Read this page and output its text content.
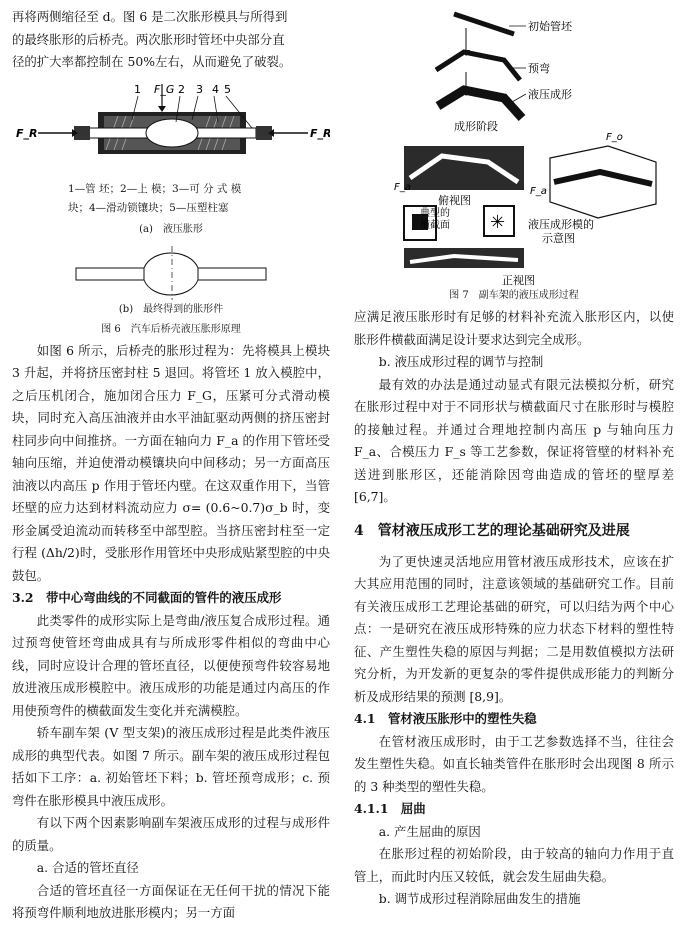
再将两侧缩径至 d。图 6 是二次胀形模具与所得到

的最终胀形的后桥壳。两次胀形时管坯中央部分直

径的扩大率都控制在 50%左右，从而避免了破裂。

1 F_G 2 3 4 5
F_R	F_R

1—管 坯；2—上 模；3—可 分 式 模

块；4—滑动锁镶块；5—压塑柱塞

(a)　液压胀形

(b)　最终得到的胀形件

图 6　汽车后桥壳液压胀形原理

如图 6 所示，后桥壳的胀形过程为：先将模具上模块 3 升起，并将挤压密封柱 5 退回。将管坯 1 放入模腔中，之后压机闭合，施加闭合压力 F_G，压紧可分式滑动模块，同时充入高压油液并由水平油缸驱动两侧的挤压密封柱同步向中间推挤。一方面在轴向力 F_a 的作用下管坯受轴向压缩，并迫使滑动模镶块向中间移动；另一方面高压油液以内高压 p 作用于管坯内壁。在这双重作用下，当管坯壁的应力达到材料流动应力 σ= (0.6~0.7)σ_b 时，变形金属受迫流动而转移至中部型腔。当挤压密封柱至一定行程 (Δh/2)时，受胀形作用管坯中央形成贴紧型腔的中央鼓包。

3.2　带中心弯曲线的不同截面的管件的液压成形

此类零件的成形实际上是弯曲/液压复合成形过程。通过预弯使管坯弯曲成具有与所成形零件相似的弯曲中心线，同时应设计合理的管坯直径，以便使预弯件较容易地放进液压成形模腔中。液压成形的功能是通过内高压的作用使预弯件的横截面发生变化并充满模腔。

轿车副车架 (Ⅴ 型支架)的液压成形过程是此类件液压成形的典型代表。如图 7 所示。副车架的液压成形过程包括如下工序：a. 初始管坯下料；b. 管坯预弯成形；c. 预弯件在胀形模具中液压成形。

有以下两个因素影响副车架液压成形的过程与成形件的质量。

a. 合适的管坯直径

合适的管坯直径一方面保证在无任何干扰的情况下能将预弯件顺利地放进胀形模内；另一方面

初始管坯
预弯
液压成形
成形阶段
F_a
俯视图
典型的
横截面 ✳
F_a
F_o
液压成形模的
示意图
正视图

图 7　副车架的液压成形过程

应满足液压胀形时有足够的材料补充流入胀形区内，以使胀形件横截面满足设计要求达到完全成形。

b. 液压成形过程的调节与控制

最有效的办法是通过动显式有限元法模拟分析，研究在胀形过程中对于不同形状与横截面尺寸在胀形时与模腔的接触过程。并通过合理地控制内高压 p 与轴向压力 F_a、合模压力 F_s 等工艺参数，保证将管壁的材料补充送进到胀形区，还能消除因弯曲造成的管坯的壁厚差 [6,7]。

4　管材液压成形工艺的理论基础研究及进展

为了更快速灵活地应用管材液压成形技术，应该在扩大其应用范围的同时，注意该领域的基础研究工作。目前有关液压成形工艺理论基础的研究，可以归结为两个中心点：一是研究在液压成形特殊的应力状态下材料的塑性特征、产生塑性失稳的原因与判据；二是用数值模拟方法研究分析，为开发新的更复杂的零件提供成形能力的判断分析及成形结果的预测 [8,9]。

4.1　管材液压胀形中的塑性失稳

在管材液压成形时，由于工艺参数选择不当，往往会发生塑性失稳。如直长轴类管件在胀形时会出现图 8 所示的 3 种类型的塑性失稳。

4.1.1　屈曲

a. 产生屈曲的原因

在胀形过程的初始阶段，由于较高的轴向力作用于直管上，而此时内压又较低，就会发生屈曲失稳。

b. 调节成形过程消除屈曲发生的措施
